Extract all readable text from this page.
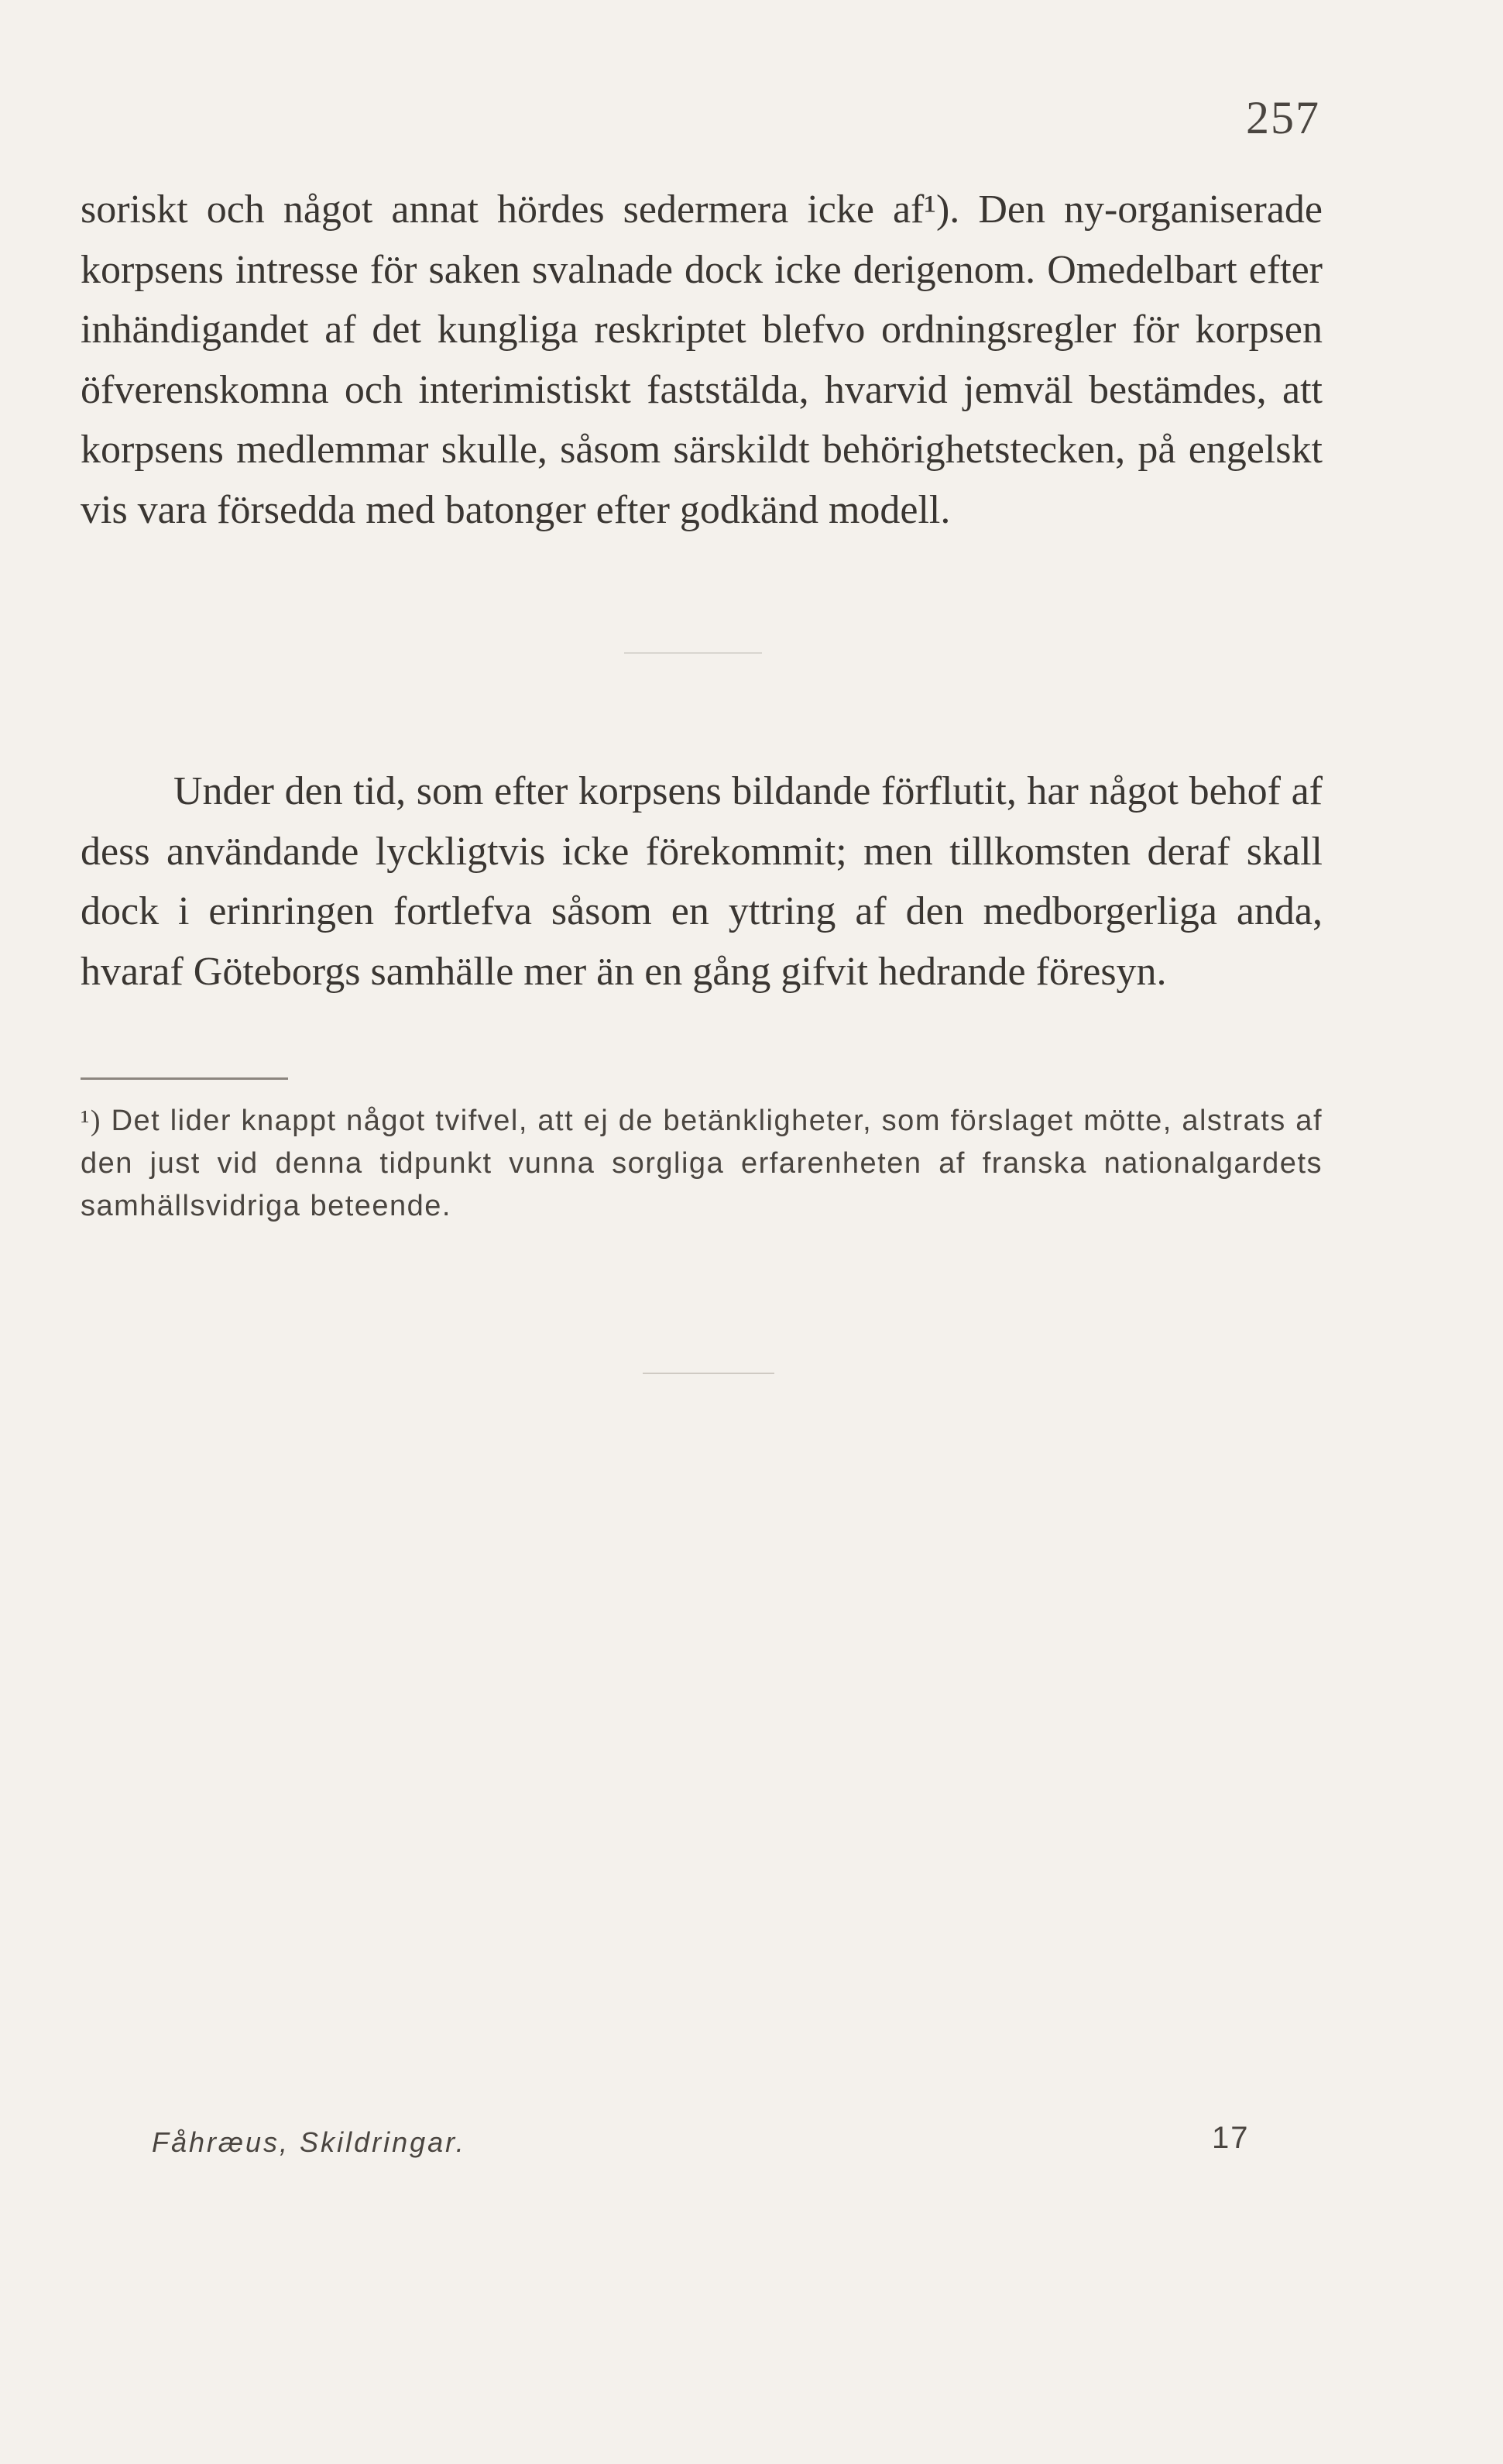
257

soriskt och något annat hördes sedermera icke af¹). Den ny-organiserade korpsens intresse för saken svalnade dock icke derigenom. Omedelbart efter inhändigandet af det kungliga reskriptet blefvo ordningsregler för korpsen öfverenskomna och interimistiskt faststälda, hvarvid jemväl bestämdes, att korpsens medlemmar skulle, såsom särskildt behörighetstecken, på engelskt vis vara försedda med batonger efter godkänd modell.

Under den tid, som efter korpsens bildande förflutit, har något behof af dess användande lyckligtvis icke förekommit; men tillkomsten deraf skall dock i erinringen fortlefva såsom en yttring af den medborgerliga anda, hvaraf Göteborgs samhälle mer än en gång gifvit hedrande föresyn.

¹) Det lider knappt något tvifvel, att ej de betänkligheter, som förslaget mötte, alstrats af den just vid denna tidpunkt vunna sorgliga erfarenheten af franska nationalgardets samhällsvidriga beteende.

Fåhræus, Skildringar.	17
